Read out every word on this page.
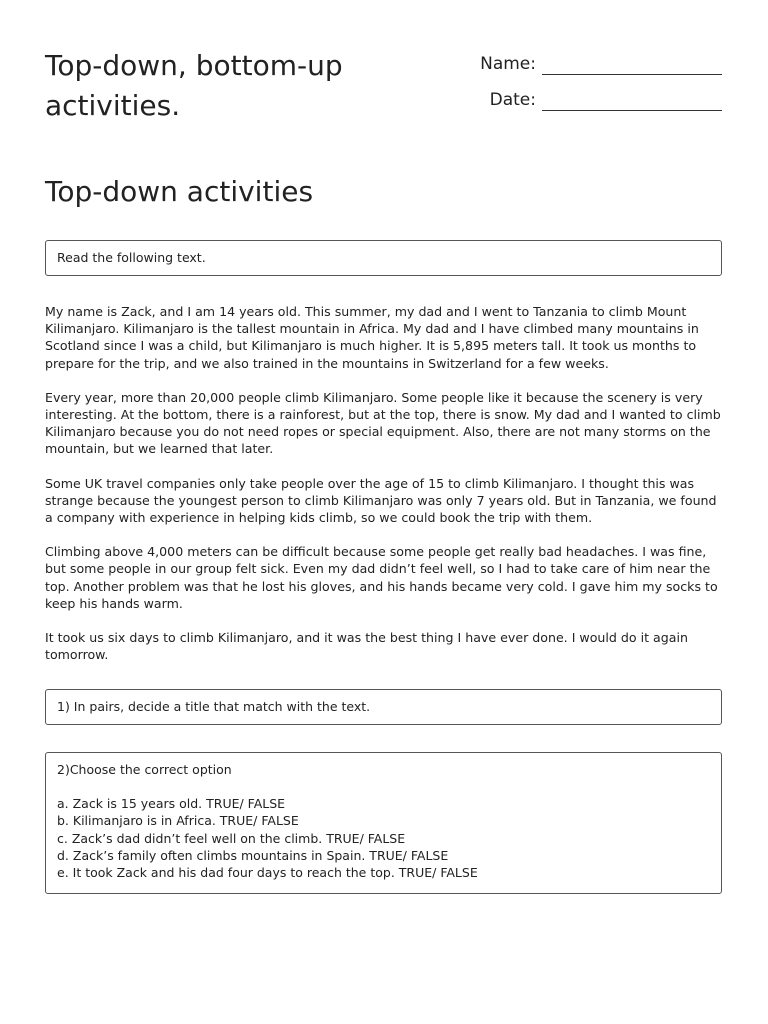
Top-down, bottom-up
activities.
Name:
Date:
Top-down activities
Read the following text.

My name is Zack, and I am 14 years old. This summer, my dad and I went to Tanzania to climb Mount Kilimanjaro. Kilimanjaro is the tallest mountain in Africa. My dad and I have climbed many mountains in Scotland since I was a child, but Kilimanjaro is much higher. It is 5,895 meters tall. It took us months to prepare for the trip, and we also trained in the mountains in Switzerland for a few weeks.

Every year, more than 20,000 people climb Kilimanjaro. Some people like it because the scenery is very interesting. At the bottom, there is a rainforest, but at the top, there is snow. My dad and I wanted to climb Kilimanjaro because you do not need ropes or special equipment. Also, there are not many storms on the mountain, but we learned that later.

Some UK travel companies only take people over the age of 15 to climb Kilimanjaro. I thought this was strange because the youngest person to climb Kilimanjaro was only 7 years old. But in Tanzania, we found a company with experience in helping kids climb, so we could book the trip with them.

Climbing above 4,000 meters can be difficult because some people get really bad headaches. I was fine, but some people in our group felt sick. Even my dad didn’t feel well, so I had to take care of him near the top. Another problem was that he lost his gloves, and his hands became very cold. I gave him my socks to keep his hands warm.

It took us six days to climb Kilimanjaro, and it was the best thing I have ever done. I would do it again tomorrow.

1) In pairs, decide a title that match with the text.
2)Choose the correct option
a. Zack is 15 years old. TRUE/ FALSE
b. Kilimanjaro is in Africa. TRUE/ FALSE
c. Zack’s dad didn’t feel well on the climb. TRUE/ FALSE
d. Zack’s family often climbs mountains in Spain. TRUE/ FALSE
e. It took Zack and his dad four days to reach the top. TRUE/ FALSE
